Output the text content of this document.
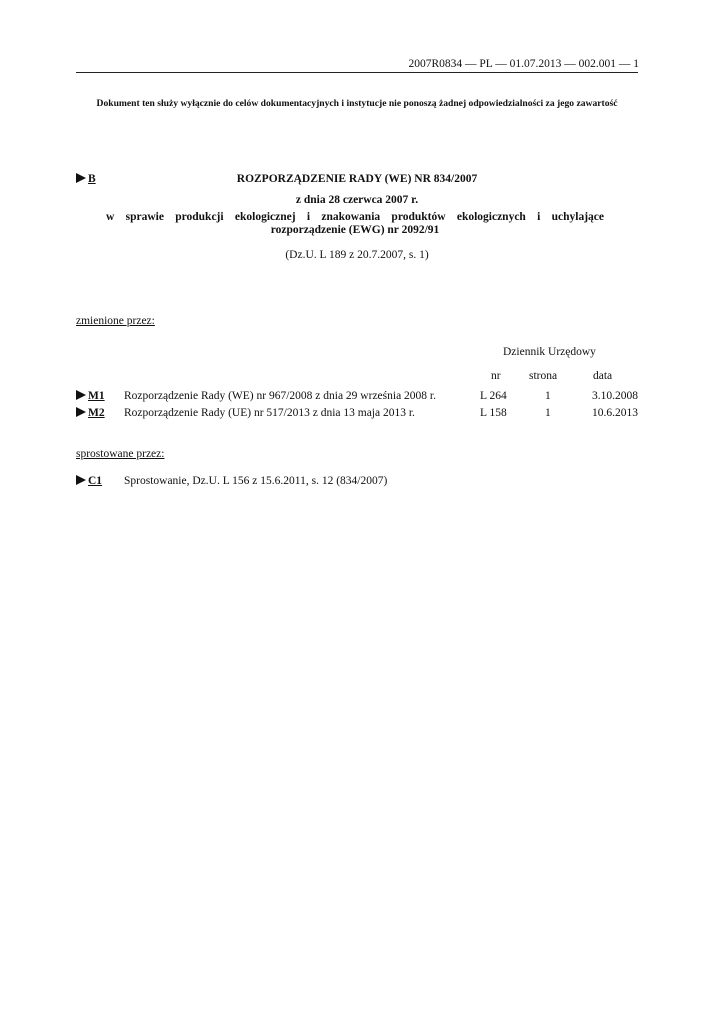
2007R0834 — PL — 01.07.2013 — 002.001 — 1
Dokument ten służy wyłącznie do celów dokumentacyjnych i instytucje nie ponoszą żadnej odpowiedzialności za jego zawartość
B	ROZPORZĄDZENIE RADY (WE) NR 834/2007
z dnia 28 czerwca 2007 r.
w sprawie produkcji ekologicznej i znakowania produktów ekologicznych i uchylające rozporządzenie (EWG) nr 2092/91
(Dz.U. L 189 z 20.7.2007, s. 1)
zmienione przez:
Dziennik Urzędowy
nr strona	data
M1 Rozporządzenie Rady (WE) nr 967/2008 z dnia 29 września 2008 r.	L 264	1	3.10.2008
M2 Rozporządzenie Rady (UE) nr 517/2013 z dnia 13 maja 2013 r.	L 158	1	10.6.2013
sprostowane przez:
C1 Sprostowanie, Dz.U. L 156 z 15.6.2011, s. 12 (834/2007)
